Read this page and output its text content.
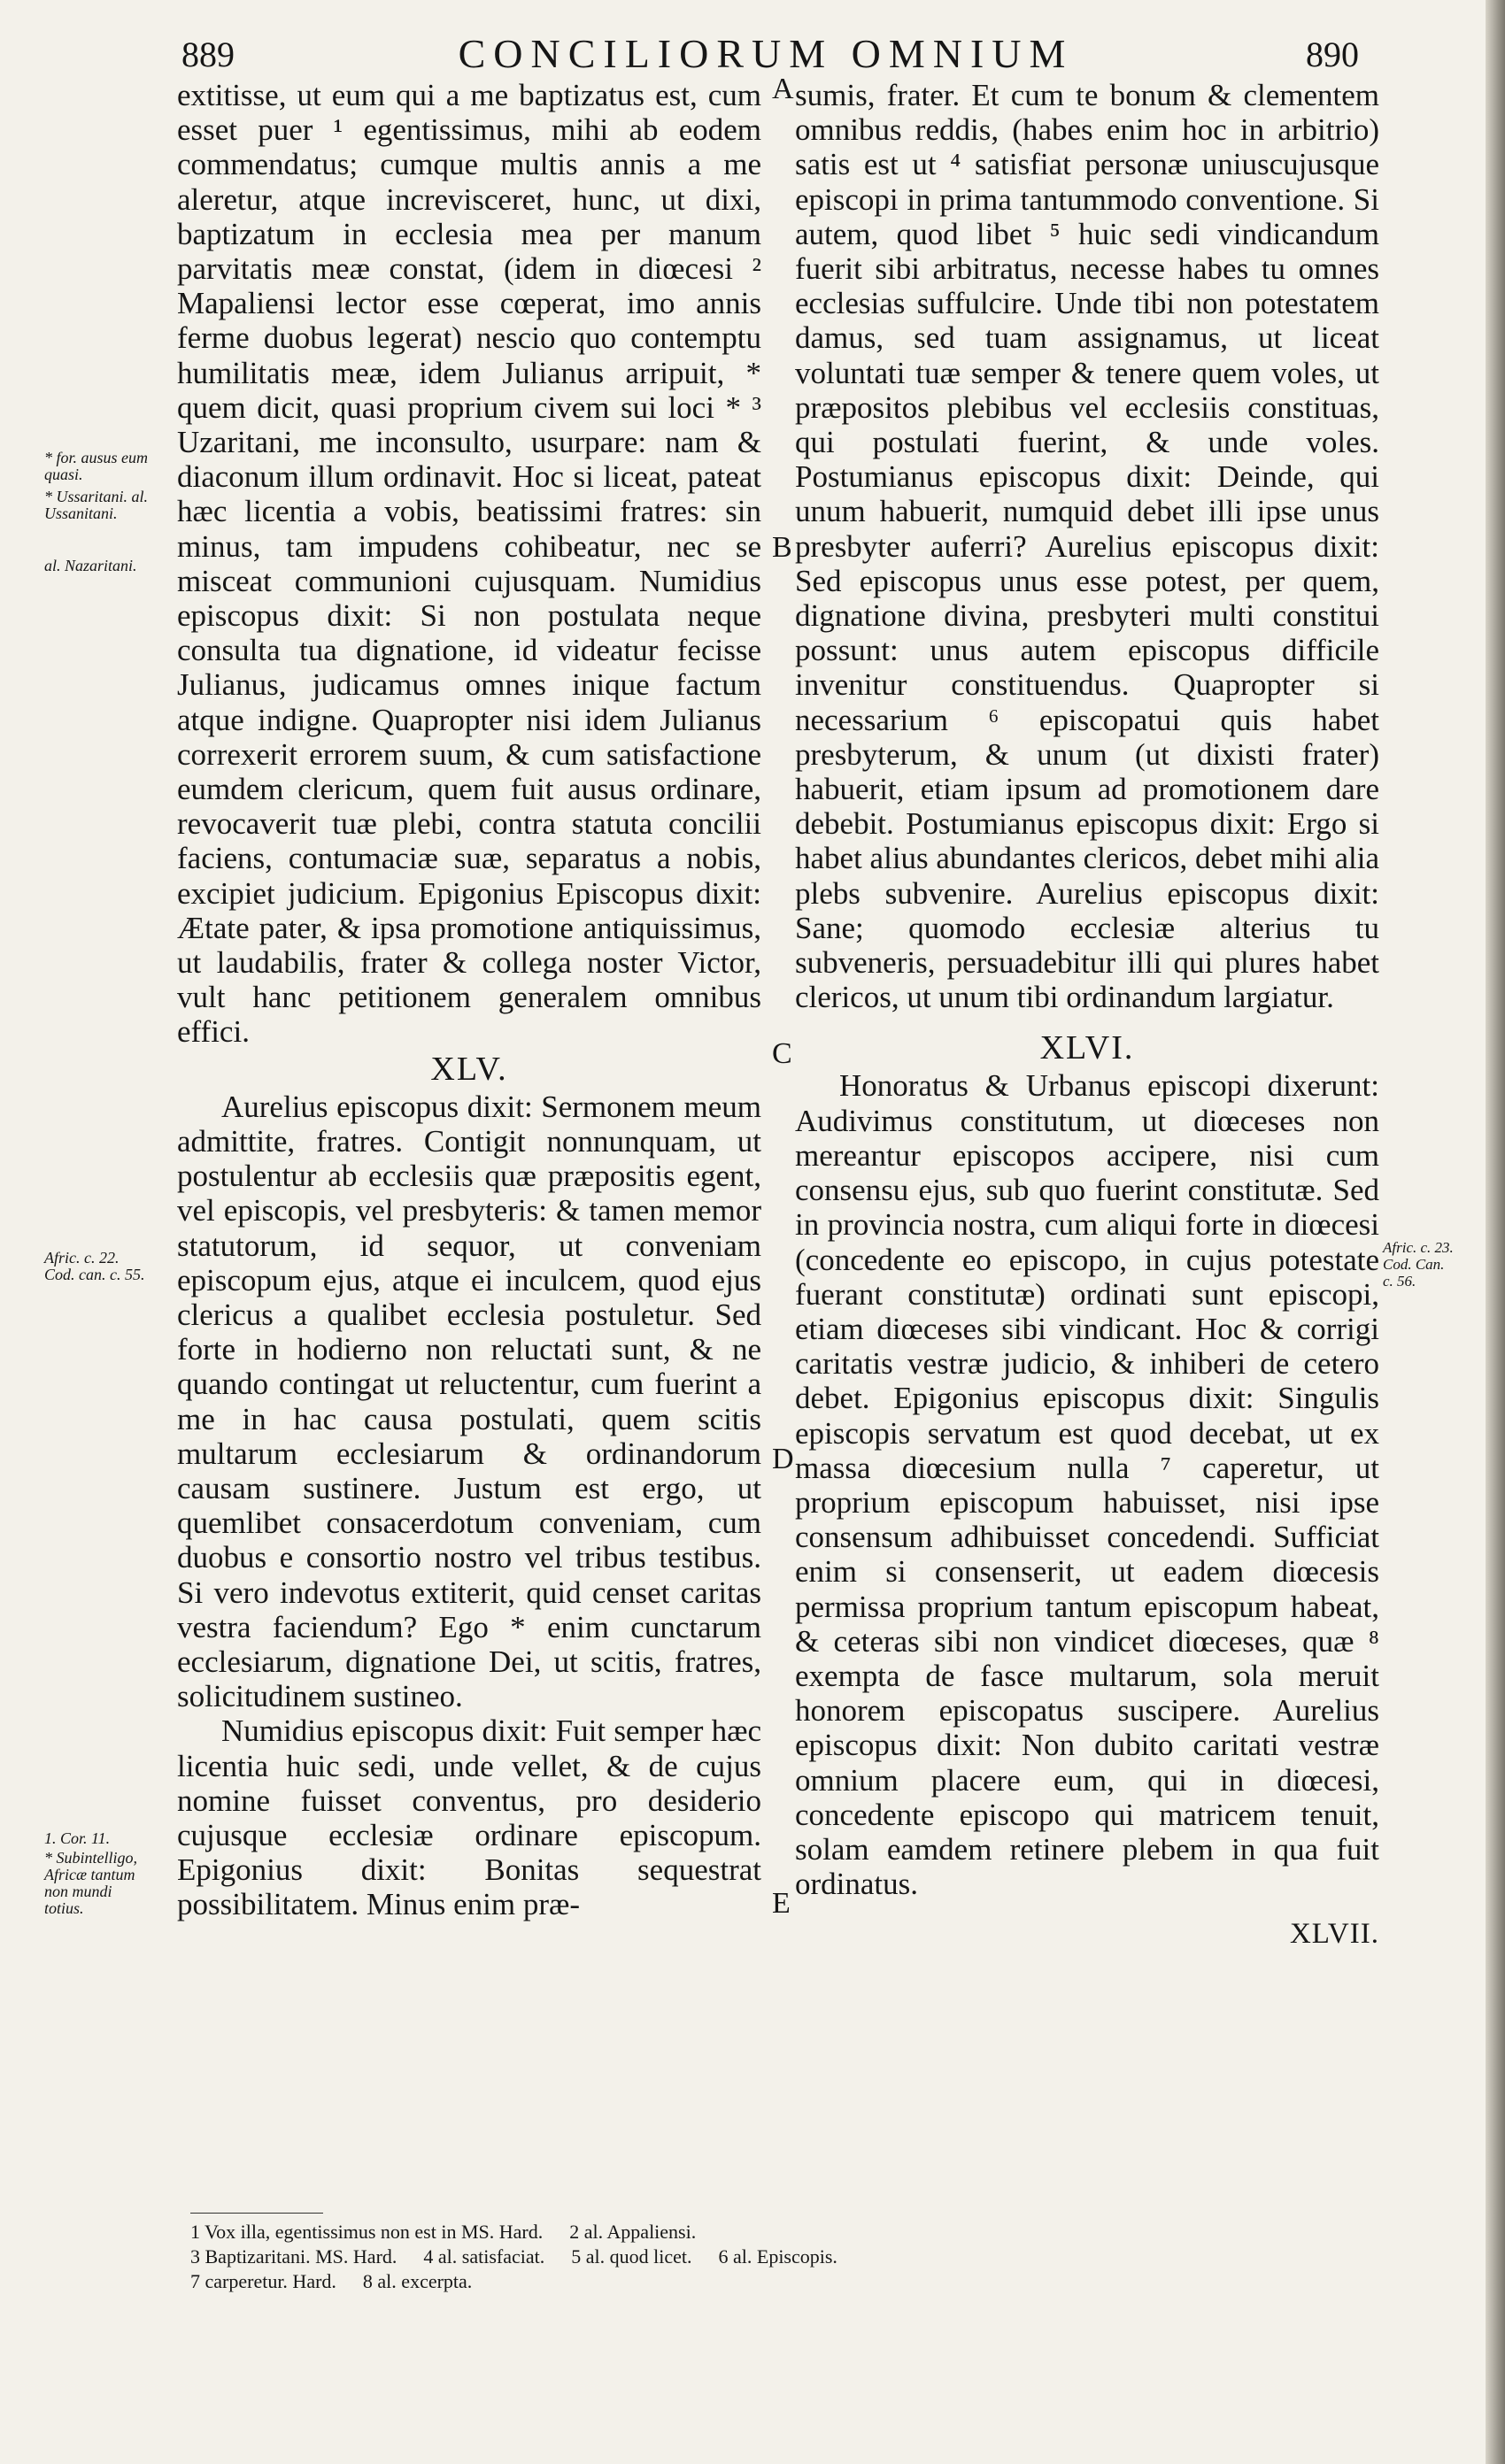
889	CONCILIORUM OMNIUM	890

extitisse, ut eum qui a me baptizatus est, cum esset puer ¹ egentissimus, mihi ab eodem commendatus; cumque multis annis a me aleretur, atque increvisceret, hunc, ut dixi, baptizatum in ecclesia mea per manum parvitatis meæ constat, (idem in diœcesi ² Mapaliensi lector esse cœperat, imo annis ferme duobus legerat) nescio quo contemptu humilitatis meæ, idem Julianus arripuit, * quem dicit, quasi proprium civem sui loci * ³ Uzaritani, me inconsulto, usurpare: nam & diaconum illum ordinavit. Hoc si liceat, pateat hæc licentia a vobis, beatissimi fratres: sin minus, tam impudens cohibeatur, nec se misceat communioni cujusquam. Numidius episcopus dixit: Si non postulata neque consulta tua dignatione, id videatur fecisse Julianus, judicamus omnes inique factum atque indigne. Quapropter nisi idem Julianus correxerit errorem suum, & cum satisfactione eumdem clericum, quem fuit ausus ordinare, revocaverit tuæ plebi, contra statuta concilii faciens, contumaciæ suæ, separatus a nobis, excipiet judicium. Epigonius Episcopus dixit: Ætate pater, & ipsa promotione antiquissimus, ut laudabilis, frater & collega noster Victor, vult hanc petitionem generalem omnibus effici.

XLV.

Aurelius episcopus dixit: Sermonem meum admittite, fratres. Contigit nonnunquam, ut postulentur ab ecclesiis quæ præpositis egent, vel episcopis, vel presbyteris: & tamen memor statutorum, id sequor, ut conveniam episcopum ejus, atque ei inculcem, quod ejus clericus a qualibet ecclesia postuletur. Sed forte in hodierno non reluctati sunt, & ne quando contingat ut reluctentur, cum fuerint a me in hac causa postulati, quem scitis multarum ecclesiarum & ordinandorum causam sustinere. Justum est ergo, ut quemlibet consacerdotum conveniam, cum duobus e consortio nostro vel tribus testibus. Si vero indevotus extiterit, quid censet caritas vestra faciendum? Ego * enim cunctarum ecclesiarum, dignatione Dei, ut scitis, fratres, solicitudinem sustineo.

Numidius episcopus dixit: Fuit semper hæc licentia huic sedi, unde vellet, & de cujus nomine fuisset conventus, pro desiderio cujusque ecclesiæ ordinare episcopum. Epigonius dixit: Bonitas sequestrat possibilitatem. Minus enim præ-

sumis, frater. Et cum te bonum & clementem omnibus reddis, (habes enim hoc in arbitrio) satis est ut ⁴ satisfiat personæ uniuscujusque episcopi in prima tantummodo conventione. Si autem, quod libet ⁵ huic sedi vindicandum fuerit sibi arbitratus, necesse habes tu omnes ecclesias suffulcire. Unde tibi non potestatem damus, sed tuam assignamus, ut liceat voluntati tuæ semper & tenere quem voles, ut præpositos plebibus vel ecclesiis constituas, qui postulati fuerint, & unde voles. Postumianus episcopus dixit: Deinde, qui unum habuerit, numquid debet illi ipse unus presbyter auferri? Aurelius episcopus dixit: Sed episcopus unus esse potest, per quem, dignatione divina, presbyteri multi constitui possunt: unus autem episcopus difficile invenitur constituendus. Quapropter si necessarium ⁶ episcopatui quis habet presbyterum, & unum (ut dixisti frater) habuerit, etiam ipsum ad promotionem dare debebit. Postumianus episcopus dixit: Ergo si habet alius abundantes clericos, debet mihi alia plebs subvenire. Aurelius episcopus dixit: Sane; quomodo ecclesiæ alterius tu subveneris, persuadebitur illi qui plures habet clericos, ut unum tibi ordinandum largiatur.

XLVI.

Honoratus & Urbanus episcopi dixerunt: Audivimus constitutum, ut diœceses non mereantur episcopos accipere, nisi cum consensu ejus, sub quo fuerint constitutæ. Sed in provincia nostra, cum aliqui forte in diœcesi (concedente eo episcopo, in cujus potestate fuerant constitutæ) ordinati sunt episcopi, etiam diœceses sibi vindicant. Hoc & corrigi caritatis vestræ judicio, & inhiberi de cetero debet. Epigonius episcopus dixit: Singulis episcopis servatum est quod decebat, ut ex massa diœcesium nulla ⁷ caperetur, ut proprium episcopum habuisset, nisi ipse consensum adhibuisset concedendi. Sufficiat enim si consenserit, ut eadem diœcesis permissa proprium tantum episcopum habeat, & ceteras sibi non vindicet diœceses, quæ ⁸ exempta de fasce multarum, sola meruit honorem episcopatus suscipere. Aurelius episcopus dixit: Non dubito caritati vestræ omnium placere eum, qui in diœcesi, concedente episcopo qui matricem tenuit, solam eamdem retinere plebem in qua fuit ordinatus.

XLVII.
A
B
C
D
E
* for. ausus eum quasi.
* Ussaritani. al. Ussanitani.
al. Nazaritani.
Afric. c. 22. Cod. can. c. 55.
1. Cor. 11.
* Subintelligo, Africæ tantum non mundi totius.
Afric. c. 23. Cod. Can. c. 56.
1 Vox illa, egentissimus non est in MS. Hard. 2 al. Appaliensi.
3 Baptizaritani. MS. Hard. 4 al. satisfaciat. 5 al. quod licet. 6 al. Episcopis.
7 carperetur. Hard. 8 al. excerpta.
